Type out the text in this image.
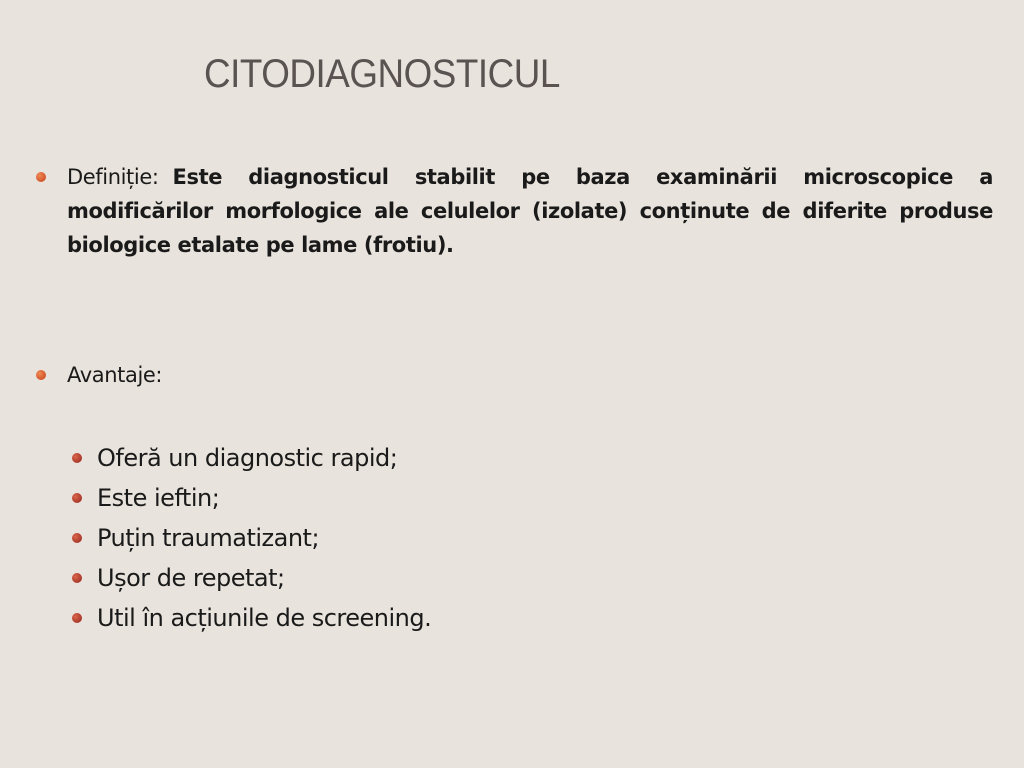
CITODIAGNOSTICUL
Definiție: Este diagnosticul stabilit pe baza examinării microscopice a modificărilor morfologice ale celulelor (izolate) conținute de diferite produse biologice etalate pe lame (frotiu).
Avantaje:
Oferă un diagnostic rapid;
Este ieftin;
Puțin traumatizant;
Ușor de repetat;
Util în acțiunile de screening.
